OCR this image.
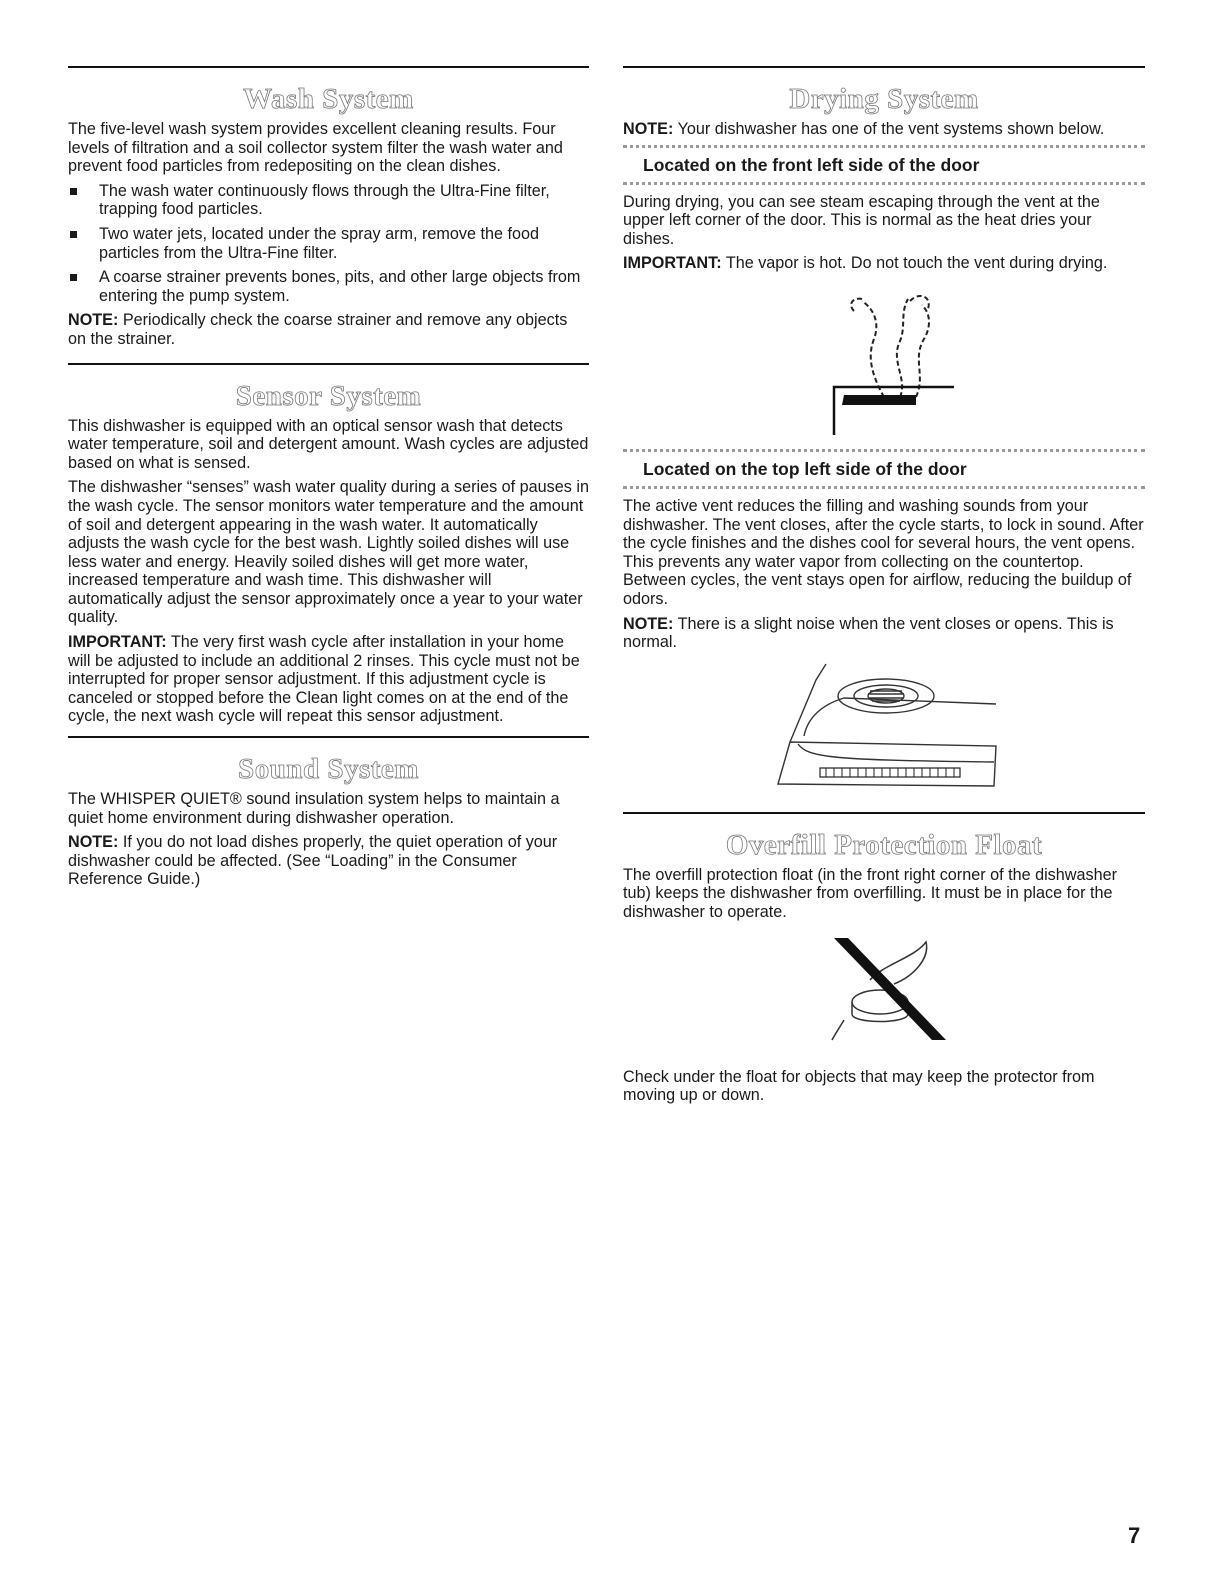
Wash System

The five-level wash system provides excellent cleaning results. Four levels of filtration and a soil collector system filter the wash water and prevent food particles from redepositing on the clean dishes.

The wash water continuously flows through the Ultra-Fine filter, trapping food particles.
Two water jets, located under the spray arm, remove the food particles from the Ultra-Fine filter.
A coarse strainer prevents bones, pits, and other large objects from entering the pump system.

NOTE: Periodically check the coarse strainer and remove any objects on the strainer.

Sensor System

This dishwasher is equipped with an optical sensor wash that detects water temperature, soil and detergent amount. Wash cycles are adjusted based on what is sensed.

The dishwasher “senses” wash water quality during a series of pauses in the wash cycle. The sensor monitors water temperature and the amount of soil and detergent appearing in the wash water. It automatically adjusts the wash cycle for the best wash. Lightly soiled dishes will use less water and energy. Heavily soiled dishes will get more water, increased temperature and wash time. This dishwasher will automatically adjust the sensor approximately once a year to your water quality.

IMPORTANT: The very first wash cycle after installation in your home will be adjusted to include an additional 2 rinses. This cycle must not be interrupted for proper sensor adjustment. If this adjustment cycle is canceled or stopped before the Clean light comes on at the end of the cycle, the next wash cycle will repeat this sensor adjustment.

Sound System

The WHISPER QUIET® sound insulation system helps to maintain a quiet home environment during dishwasher operation.

NOTE: If you do not load dishes properly, the quiet operation of your dishwasher could be affected. (See “Loading” in the Consumer Reference Guide.)

Drying System

NOTE: Your dishwasher has one of the vent systems shown below.

Located on the front left side of the door

During drying, you can see steam escaping through the vent at the upper left corner of the door. This is normal as the heat dries your dishes.

IMPORTANT: The vapor is hot. Do not touch the vent during drying.

Located on the top left side of the door

The active vent reduces the filling and washing sounds from your dishwasher. The vent closes, after the cycle starts, to lock in sound. After the cycle finishes and the dishes cool for several hours, the vent opens. This prevents any water vapor from collecting on the countertop. Between cycles, the vent stays open for airflow, reducing the buildup of odors.

NOTE: There is a slight noise when the vent closes or opens. This is normal.

Overfill Protection Float

The overfill protection float (in the front right corner of the dishwasher tub) keeps the dishwasher from overfilling. It must be in place for the dishwasher to operate.

Check under the float for objects that may keep the protector from moving up or down.

7
